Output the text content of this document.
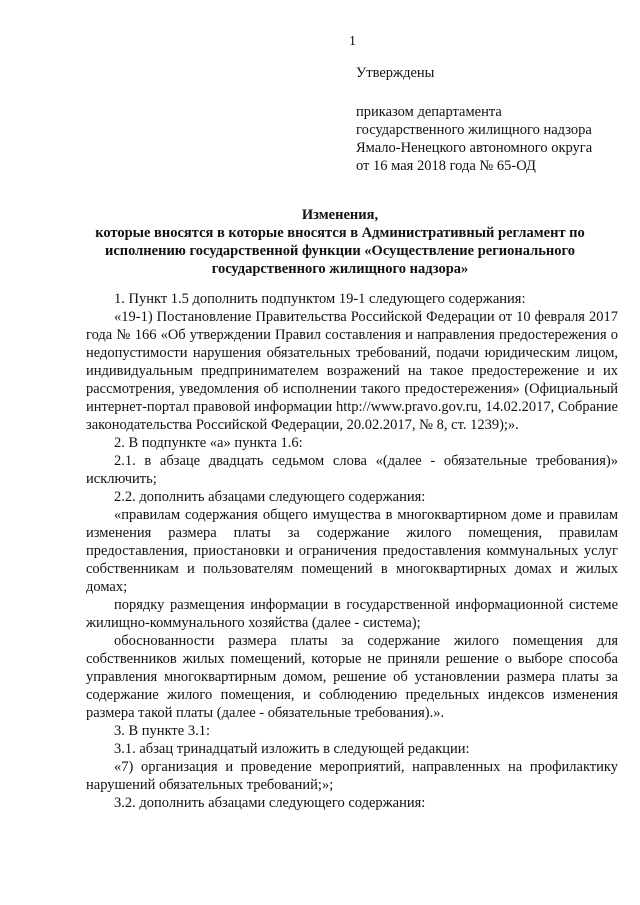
1
Утверждены
приказом департамента
государственного жилищного надзора
Ямало-Ненецкого автономного округа
от 16 мая 2018 года № 65-ОД
Изменения,
которые вносятся в которые вносятся в Административный регламент по
исполнению государственной функции «Осуществление регионального
государственного жилищного надзора»

1. Пункт 1.5 дополнить подпунктом 19-1 следующего содержания:

«19-1) Постановление Правительства Российской Федерации от 10 февраля 2017 года № 166 «Об утверждении Правил составления и направления предостережения о недопустимости нарушения обязательных требований, подачи юридическим лицом, индивидуальным предпринимателем возражений на такое предостережение и их рассмотрения, уведомления об исполнении такого предостережения» (Официальный интернет-портал правовой информации http://www.pravo.gov.ru, 14.02.2017, Собрание законодательства Российской Федерации, 20.02.2017, № 8, ст. 1239);».

2. В подпункте «а» пункта 1.6:

2.1. в абзаце двадцать седьмом слова «(далее - обязательные требования)» исключить;

2.2. дополнить абзацами следующего содержания:

«правилам содержания общего имущества в многоквартирном доме и правилам изменения размера платы за содержание жилого помещения, правилам предоставления, приостановки и ограничения предоставления коммунальных услуг собственникам и пользователям помещений в многоквартирных домах и жилых домах;

порядку размещения информации в государственной информационной системе жилищно-коммунального хозяйства (далее - система);

обоснованности размера платы за содержание жилого помещения для собственников жилых помещений, которые не приняли решение о выборе способа управления многоквартирным домом, решение об установлении размера платы за содержание жилого помещения, и соблюдению предельных индексов изменения размера такой платы (далее - обязательные требования).».

3. В пункте 3.1:

3.1. абзац тринадцатый изложить в следующей редакции:

«7) организация и проведение мероприятий, направленных на профилактику нарушений обязательных требований;»;

3.2. дополнить абзацами следующего содержания:
